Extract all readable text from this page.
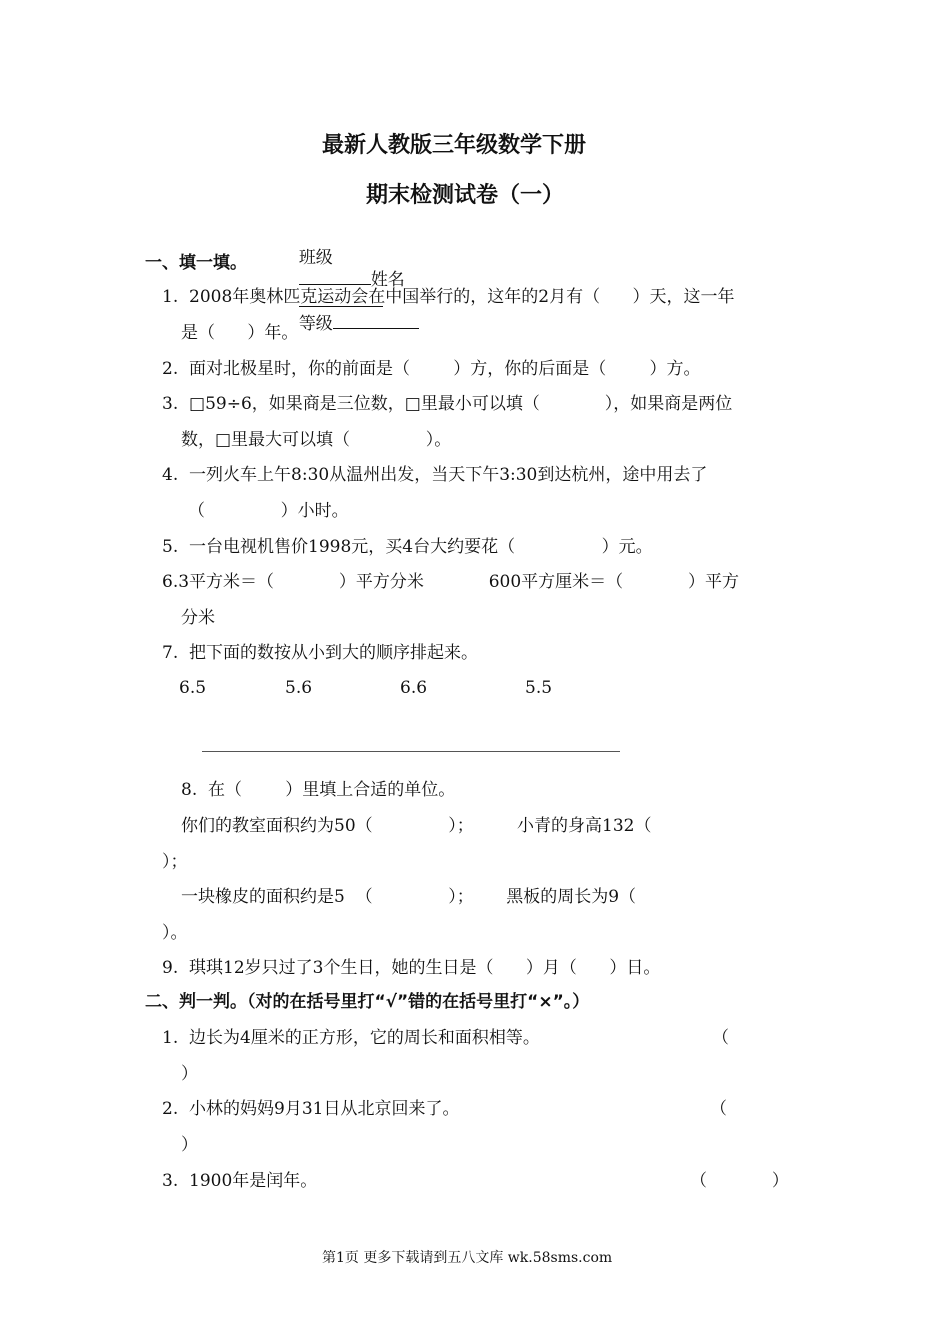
最新人教版三年级数学下册
期末检测试卷（一）

班级
姓名

等级

一、填一填。
1.  2008年奥林匹克运动会在中国举行的，这年的2月有（      ）天，这一年
是（      ）年。
2.  面对北极星时，你的前面是（        ）方，你的后面是（        ）方。
3.  □59÷6，如果商是三位数，□里最小可以填（            ），如果商是两位
数，□里最大可以填（              ）。
4.  一列火车上午8:30从温州出发，当天下午3:30到达杭州，途中用去了
（              ）小时。
5.  一台电视机售价1998元，买4台大约要花（                ）元。
6.3平方米＝（            ）平方分米            600平方厘米＝（            ）平方
分米
7.  把下面的数按从小到大的顺序排起来。
6.5	5.6	6.6	5.5
8.  在（        ）里填上合适的单位。
你们的教室面积约为50（              ）；        小青的身高132（
）；
一块橡皮的面积约是5  （              ）；      黑板的周长为9（
）。
9.  琪琪12岁只过了3个生日，她的生日是（      ）月（      ）日。
二、判一判。（对的在括号里打“√”错的在括号里打“×”。）
1.  边长为4厘米的正方形，它的周长和面积相等。	（
）
2.  小林的妈妈9月31日从北京回来了。	（
）
3.  1900年是闰年。	（            ）
第1页 更多下载请到五八文库 wk.58sms.com
